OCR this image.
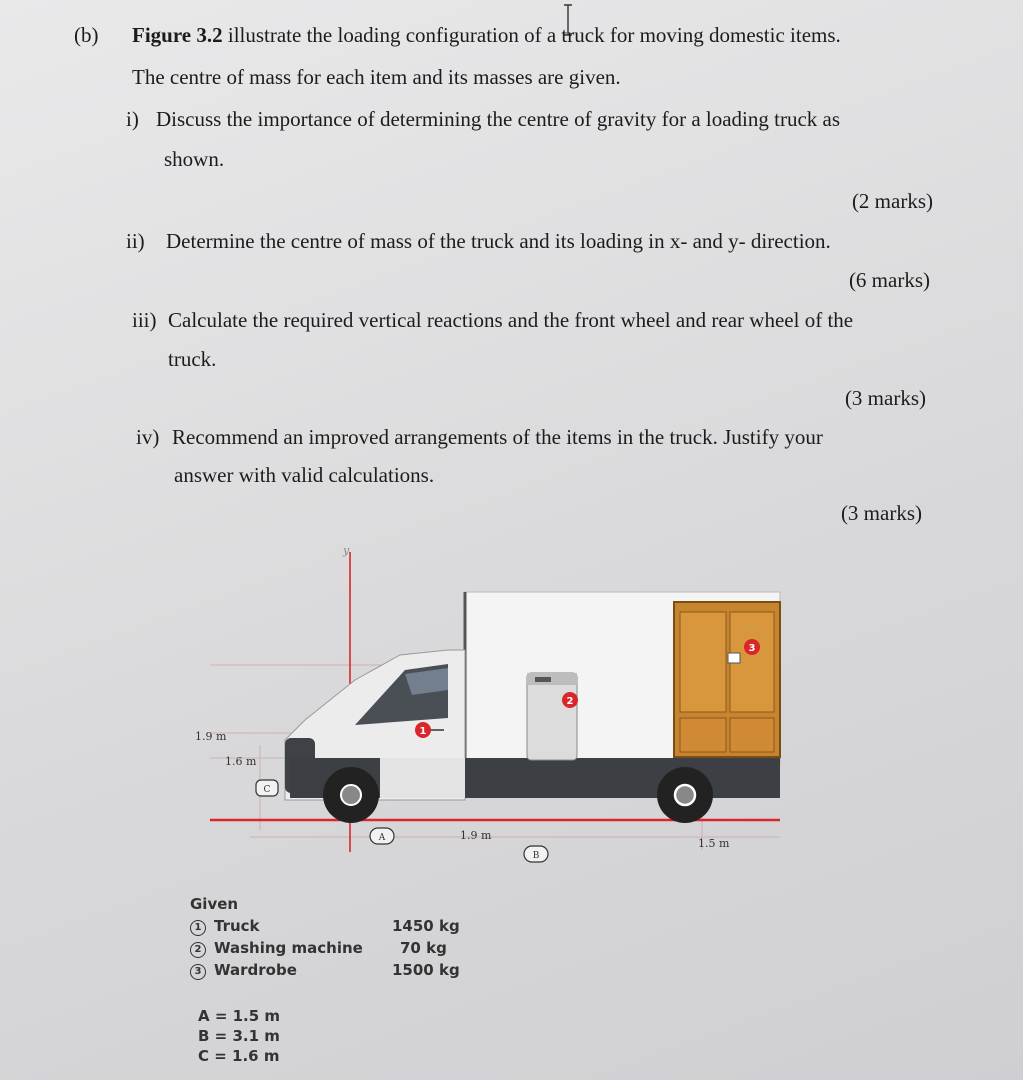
(b) Figure 3.2 illustrate the loading configuration of a truck for moving domestic items.
The centre of mass for each item and its masses are given.
i) Discuss the importance of determining the centre of gravity for a loading truck as
shown.
(2 marks)
ii) Determine the centre of mass of the truck and its loading in x- and y- direction.
(6 marks)
iii) Calculate the required vertical reactions and the front wheel and rear wheel of the
truck.
(3 marks)
iv) Recommend an improved arrangements of the items in the truck. Justify your
answer with valid calculations.
(3 marks)
y
1
2
3
1.9 m
1.6 m
1.9 m
1.5 m
A
B
C
Given
1 Truck	1450 kg
2 Washing machine 70 kg
3 Wardrobe	1500 kg
A = 1.5 m
B = 3.1 m
C = 1.6 m
